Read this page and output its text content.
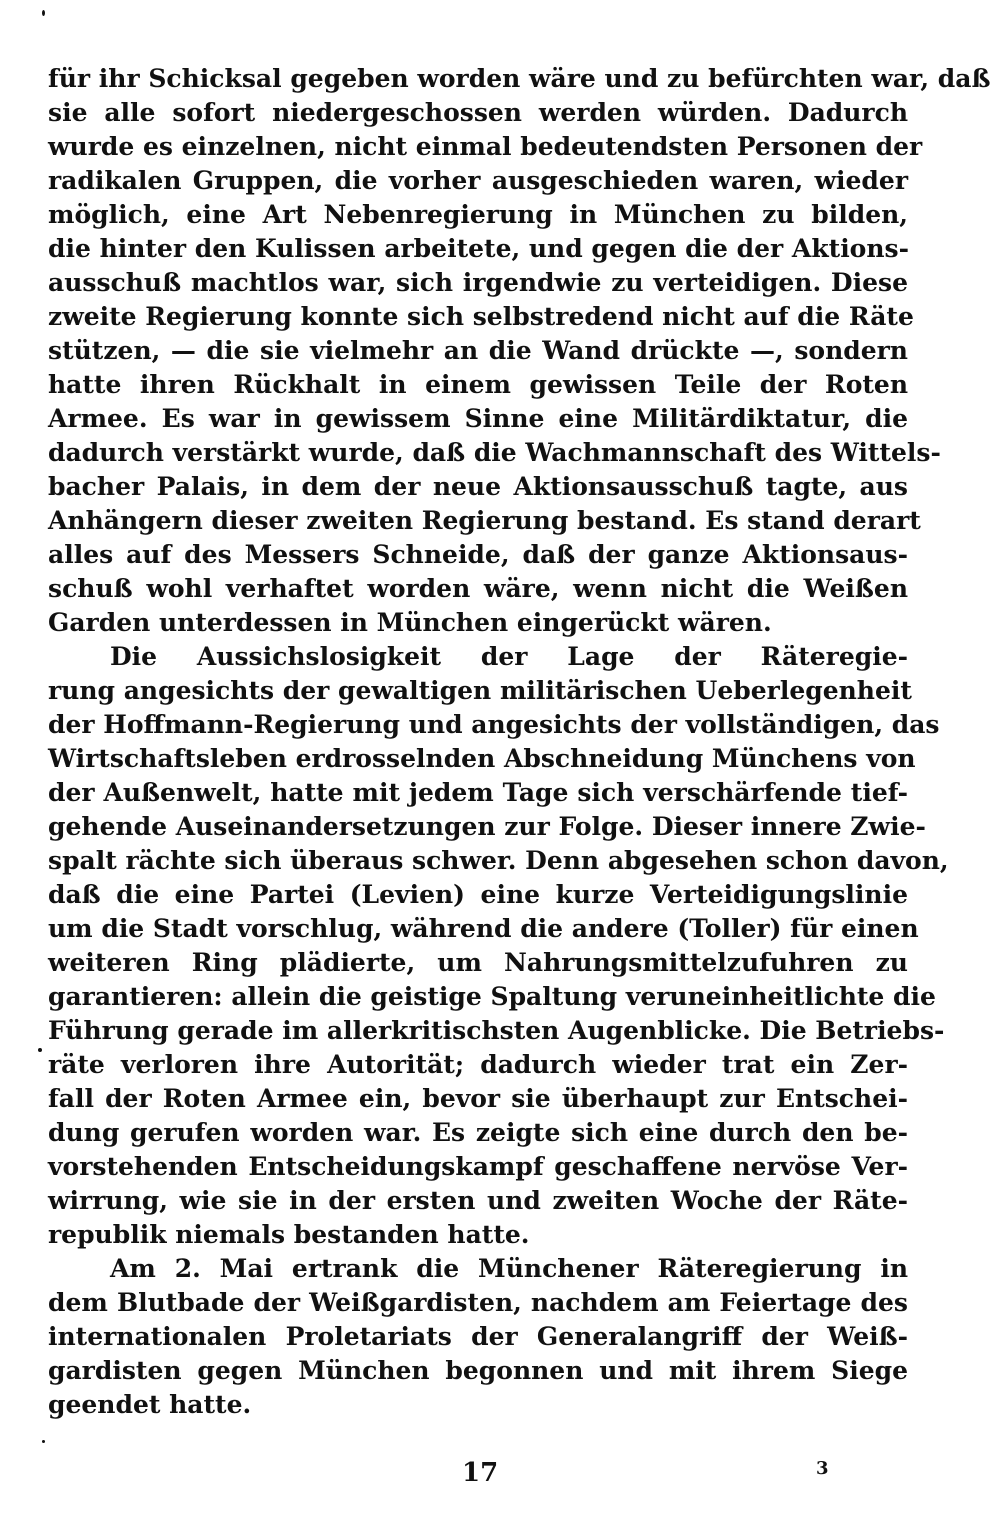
für ihr Schicksal gegeben worden wäre und zu befürchten war, daß
sie alle sofort niedergeschossen werden würden. Dadurch
wurde es einzelnen, nicht einmal bedeutendsten Personen der
radikalen Gruppen, die vorher ausgeschieden waren, wieder
möglich, eine Art Nebenregierung in München zu bilden,
die hinter den Kulissen arbeitete, und gegen die der Aktions-
ausschuß machtlos war, sich irgendwie zu verteidigen. Diese
zweite Regierung konnte sich selbstredend nicht auf die Räte
stützen, — die sie vielmehr an die Wand drückte —, sondern
hatte ihren Rückhalt in einem gewissen Teile der Roten
Armee. Es war in gewissem Sinne eine Militärdiktatur, die
dadurch verstärkt wurde, daß die Wachmannschaft des Wittels-
bacher Palais, in dem der neue Aktionsausschuß tagte, aus
Anhängern dieser zweiten Regierung bestand. Es stand derart
alles auf des Messers Schneide, daß der ganze Aktionsaus-
schuß wohl verhaftet worden wäre, wenn nicht die Weißen
Garden unterdessen in München eingerückt wären.
Die Aussichslosigkeit der Lage der Räteregie-
rung angesichts der gewaltigen militärischen Ueberlegenheit
der Hoffmann-Regierung und angesichts der vollständigen, das
Wirtschaftsleben erdrosselnden Abschneidung Münchens von
der Außenwelt, hatte mit jedem Tage sich verschärfende tief-
gehende Auseinandersetzungen zur Folge. Dieser innere Zwie-
spalt rächte sich überaus schwer. Denn abgesehen schon davon,
daß die eine Partei (Levien) eine kurze Verteidigungslinie
um die Stadt vorschlug, während die andere (Toller) für einen
weiteren Ring plädierte, um Nahrungsmittelzufuhren zu
garantieren: allein die geistige Spaltung veruneinheitlichte die
Führung gerade im allerkritischsten Augenblicke. Die Betriebs-
räte verloren ihre Autorität; dadurch wieder trat ein Zer-
fall der Roten Armee ein, bevor sie überhaupt zur Entschei-
dung gerufen worden war. Es zeigte sich eine durch den be-
vorstehenden Entscheidungskampf geschaffene nervöse Ver-
wirrung, wie sie in der ersten und zweiten Woche der Räte-
republik niemals bestanden hatte.
Am 2. Mai ertrank die Münchener Räteregierung in
dem Blutbade der Weißgardisten, nachdem am Feiertage des
internationalen Proletariats der Generalangriff der Weiß-
gardisten gegen München begonnen und mit ihrem Siege
geendet hatte.
17	3
